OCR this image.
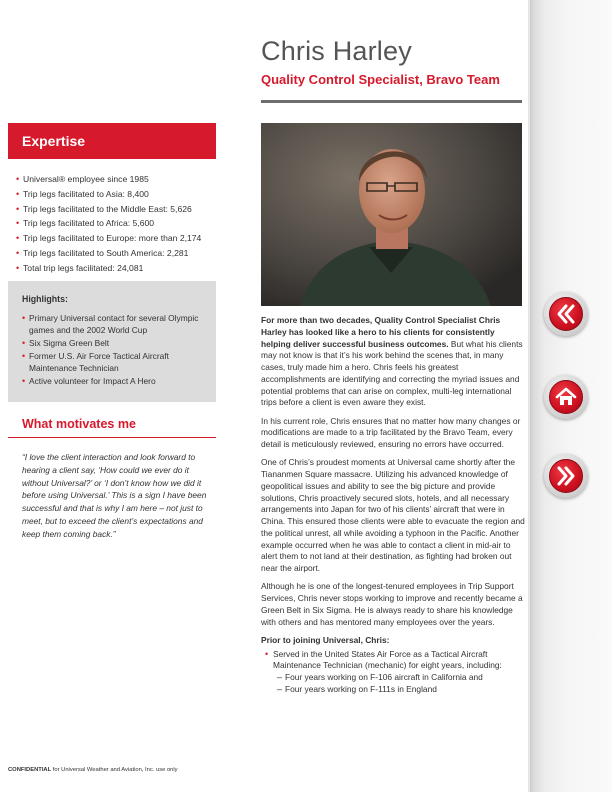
Chris Harley
Quality Control Specialist, Bravo Team
Expertise
• Universal® employee since 1985
• Trip legs facilitated to Asia: 8,400
• Trip legs facilitated to the Middle East: 5,626
• Trip legs facilitated to Africa: 5,600
• Trip legs facilitated to Europe: more than 2,174
• Trip legs facilitated to South America: 2,281
• Total trip legs facilitated: 24,081
Highlights:
• Primary Universal contact for several Olympic games and the 2002 World Cup
• Six Sigma Green Belt
• Former U.S. Air Force Tactical Aircraft Maintenance Technician
• Active volunteer for Impact A Hero
What motivates me
“I love the client interaction and look forward to hearing a client say, ‘How could we ever do it without Universal?’ or ‘I don’t know how we did it before using Universal.’ This is a sign I have been successful and that is why I am here – not just to meet, but to exceed the client’s expectations and keep them coming back.”

For more than two decades, Quality Control Specialist Chris Harley has looked like a hero to his clients for consistently helping deliver successful business outcomes. But what his clients may not know is that it’s his work behind the scenes that, in many cases, truly made him a hero. Chris feels his greatest accomplishments are identifying and correcting the myriad issues and potential problems that can arise on complex, multi-leg international trips before a client is even aware they exist.

In his current role, Chris ensures that no matter how many changes or modifications are made to a trip facilitated by the Bravo Team, every detail is meticulously reviewed, ensuring no errors have occurred.

One of Chris’s proudest moments at Universal came shortly after the Tiananmen Square massacre. Utilizing his advanced knowledge of geopolitical issues and ability to see the big picture and provide solutions, Chris proactively secured slots, hotels, and all necessary arrangements into Japan for two of his clients’ aircraft that were in China. This ensured those clients were able to evacuate the region and the political unrest, all while avoiding a typhoon in the Pacific. Another example occurred when he was able to contact a client in mid-air to alert them to not land at their destination, as fighting had broken out near the airport.

Although he is one of the longest-tenured employees in Trip Support Services, Chris never stops working to improve and recently became a Green Belt in Six Sigma. He is always ready to share his knowledge with others and has mentored many employees over the years.

Prior to joining Universal, Chris:

• Served in the United States Air Force as a Tactical Aircraft Maintenance Technician (mechanic) for eight years, including:
– Four years working on F-106 aircraft in California and
– Four years working on F-111s in England
CONFIDENTIAL for Universal Weather and Aviation, Inc. use only
